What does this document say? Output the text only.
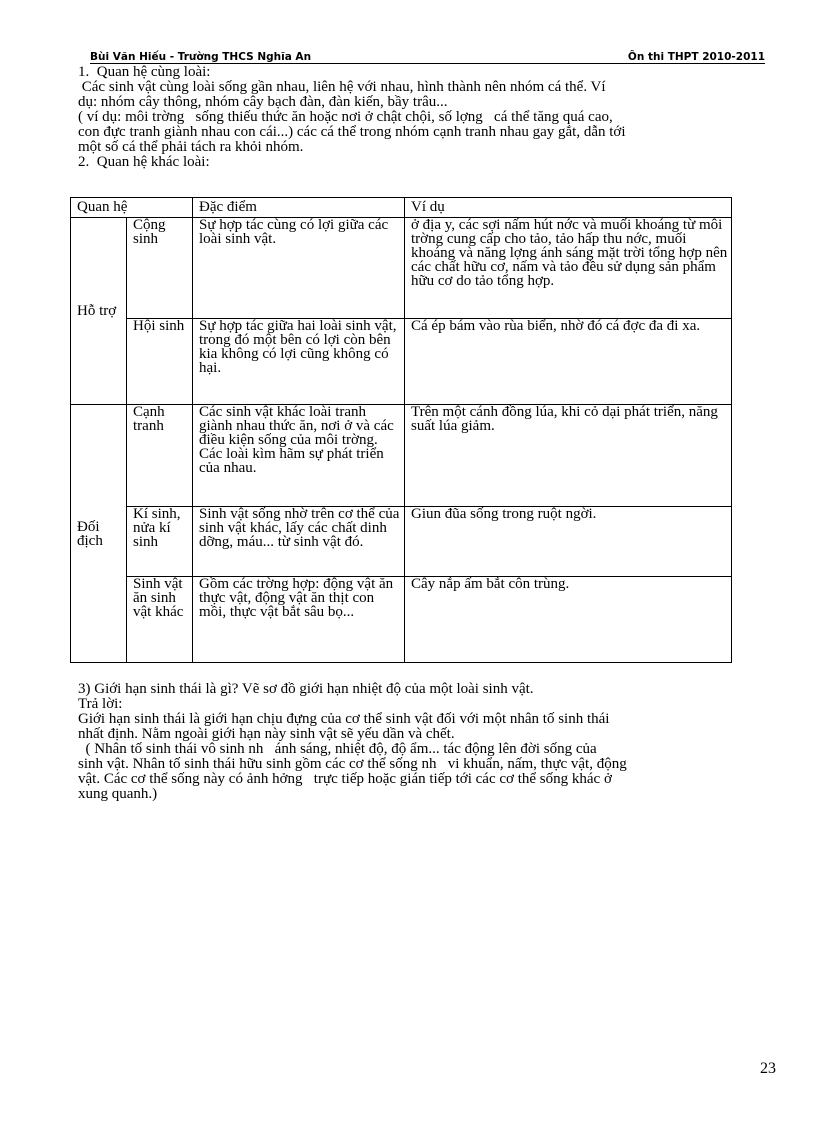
Bùi Văn Hiếu - Trường THCS Nghĩa An	Ôn thi THPT 2010-2011

1.  Quan hệ cùng loài:

Các sinh vật cùng loài sống gần nhau, liên hệ với nhau, hình thành nên nhóm cá thể. Ví

dụ: nhóm cây thông, nhóm cây bạch đàn, đàn kiến, bầy trâu...

( ví dụ: môi trờng   sống thiếu thức ăn hoặc nơi ở chật chội, số lợng   cá thể tăng quá cao,

con đực tranh giành nhau con cái...) các cá thể trong nhóm cạnh tranh nhau gay gắt, dẫn tới

một số cá thể phải tách ra khỏi nhóm.

2.  Quan hệ khác loài:

Quan hệ		Đặc điểm	Ví dụ
Hỗ trợ	Cộng sinh	Sự hợp tác cùng có lợi giữa các loài sinh vật.	ở địa y, các sợi nấm hút nớc và muối khoáng từ môi trờng cung cấp cho tảo, tảo hấp thu nớc, muối khoáng và năng lợng ánh sáng mặt trời tổng hợp nên các chất hữu cơ, nấm và tảo đều sử dụng sản phẩm hữu cơ do tảo tổng hợp.
	Hội sinh	Sự hợp tác giữa hai loài sinh vật, trong đó một bên có lợi còn bên kia không có lợi cũng không có hại.	Cá ép bám vào rùa biển, nhờ đó cá đợc đa đi xa.
Đối địch	Cạnh tranh	Các sinh vật khác loài tranh giành nhau thức ăn, nơi ở và các điều kiện sống của môi trờng. Các loài kìm hãm sự phát triển của nhau.	Trên một cánh đồng lúa, khi cỏ dại phát triển, năng suất lúa giảm.
	Kí sinh, nửa kí sinh	Sinh vật sống nhờ trên cơ thể của sinh vật khác, lấy các chất dinh dỡng, máu... từ sinh vật đó.	Giun đũa sống trong ruột ngời.
	Sinh vật ăn sinh vật khác	Gồm các trờng hợp: động vật ăn thực vật, động vật ăn thịt con mồi, thực vật bắt sâu bọ...	Cây nắp ấm bắt côn trùng.

3) Giới hạn sinh thái là gì? Vẽ sơ đồ giới hạn nhiệt độ của một loài sinh vật.

Trả lời:

Giới hạn sinh thái là giới hạn chịu đựng của cơ thể sinh vật đối với một nhân tố sinh thái

nhất định. Nằm ngoài giới hạn này sinh vật sẽ yếu dần và chết.

( Nhân tố sinh thái vô sinh nh   ánh sáng, nhiệt độ, độ ẩm... tác động lên đời sống của

sinh vật. Nhân tố sinh thái hữu sinh gồm các cơ thể sống nh   vi khuẩn, nấm, thực vật, động

vật. Các cơ thể sống này có ảnh hởng   trực tiếp hoặc gián tiếp tới các cơ thể sống khác ở

xung quanh.)

23
